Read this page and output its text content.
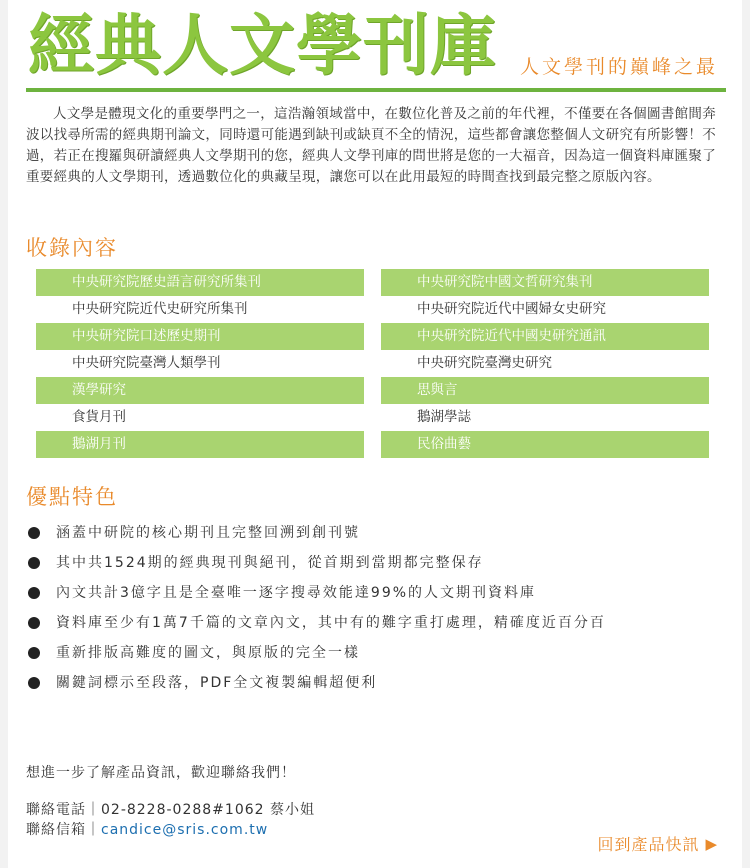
經典人文學刊庫 人文學刊的巔峰之最

人文學是體現文化的重要學門之一，這浩瀚領域當中，在數位化普及之前的年代裡，不僅要在各個圖書館間奔波以找尋所需的經典期刊論文，同時還可能遇到缺刊或缺頁不全的情況，這些都會讓您整個人文研究有所影響！不過，若正在搜羅與研讀經典人文學期刊的您，經典人文學刊庫的問世將是您的一大福音，因為這一個資料庫匯聚了重要經典的人文學期刊，透過數位化的典藏呈現，讓您可以在此用最短的時間查找到最完整之原版內容。

收錄內容
中央研究院歷史語言研究所集刊	中央研究院中國文哲研究集刊
中央研究院近代史研究所集刊	中央研究院近代中國婦女史研究
中央研究院口述歷史期刊	中央研究院近代中國史研究通訊
中央研究院臺灣人類學刊	中央研究院臺灣史研究
漢學研究	思與言
食貨月刊	鵝湖學誌
鵝湖月刊	民俗曲藝
優點特色
涵蓋中研院的核心期刊且完整回溯到創刊號
其中共1524期的經典現刊與絕刊，從首期到當期都完整保存
內文共計3億字且是全臺唯一逐字搜尋效能達99%的人文期刊資料庫
資料庫至少有1萬7千篇的文章內文，其中有的難字重打處理，精確度近百分百
重新排版高難度的圖文，與原版的完全一樣
關鍵詞標示至段落，PDF全文複製編輯超便利
想進一步了解產品資訊，歡迎聯絡我們！
聯絡電話｜02-8228-0288#1062 蔡小姐
聯絡信箱｜candice@sris.com.tw
回到產品快訊 ▶
